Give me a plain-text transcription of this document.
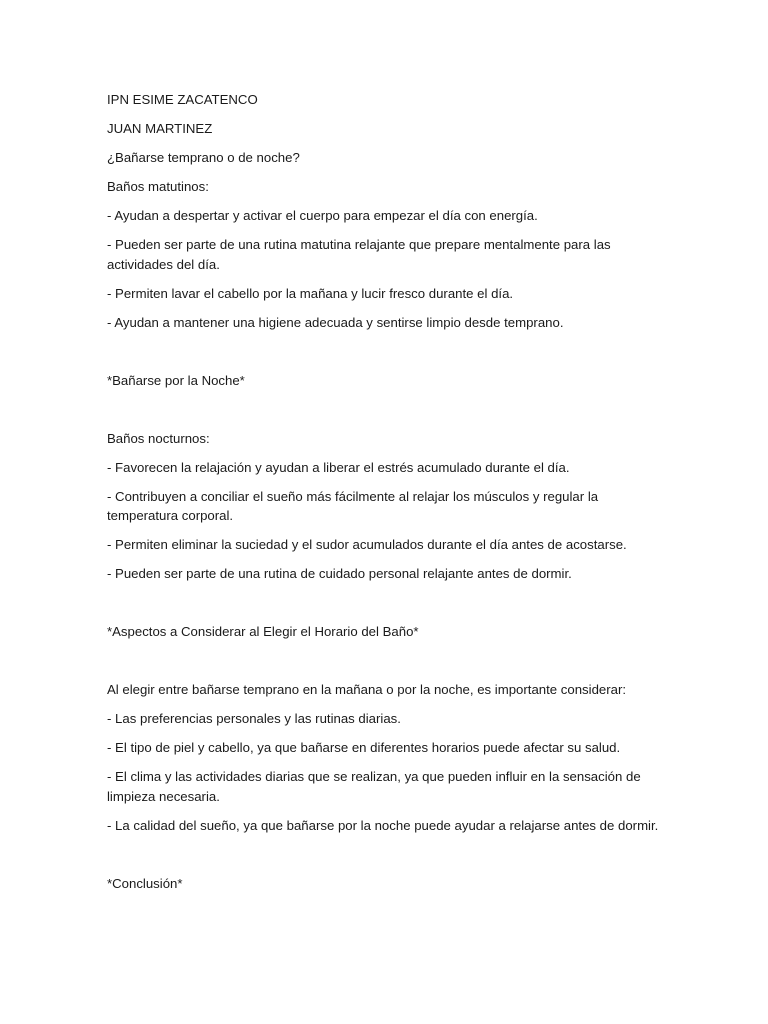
IPN ESIME ZACATENCO

JUAN MARTINEZ

¿Bañarse temprano o de noche?

Baños matutinos:

- Ayudan a despertar y activar el cuerpo para empezar el día con energía.

- Pueden ser parte de una rutina matutina relajante que prepare mentalmente para las actividades del día.

- Permiten lavar el cabello por la mañana y lucir fresco durante el día.

- Ayudan a mantener una higiene adecuada y sentirse limpio desde temprano.

*Bañarse por la Noche*

Baños nocturnos:

- Favorecen la relajación y ayudan a liberar el estrés acumulado durante el día.

- Contribuyen a conciliar el sueño más fácilmente al relajar los músculos y regular la temperatura corporal.

- Permiten eliminar la suciedad y el sudor acumulados durante el día antes de acostarse.

- Pueden ser parte de una rutina de cuidado personal relajante antes de dormir.

*Aspectos a Considerar al Elegir el Horario del Baño*

Al elegir entre bañarse temprano en la mañana o por la noche, es importante considerar:

- Las preferencias personales y las rutinas diarias.

- El tipo de piel y cabello, ya que bañarse en diferentes horarios puede afectar su salud.

- El clima y las actividades diarias que se realizan, ya que pueden influir en la sensación de limpieza necesaria.

- La calidad del sueño, ya que bañarse por la noche puede ayudar a relajarse antes de dormir.

*Conclusión*
